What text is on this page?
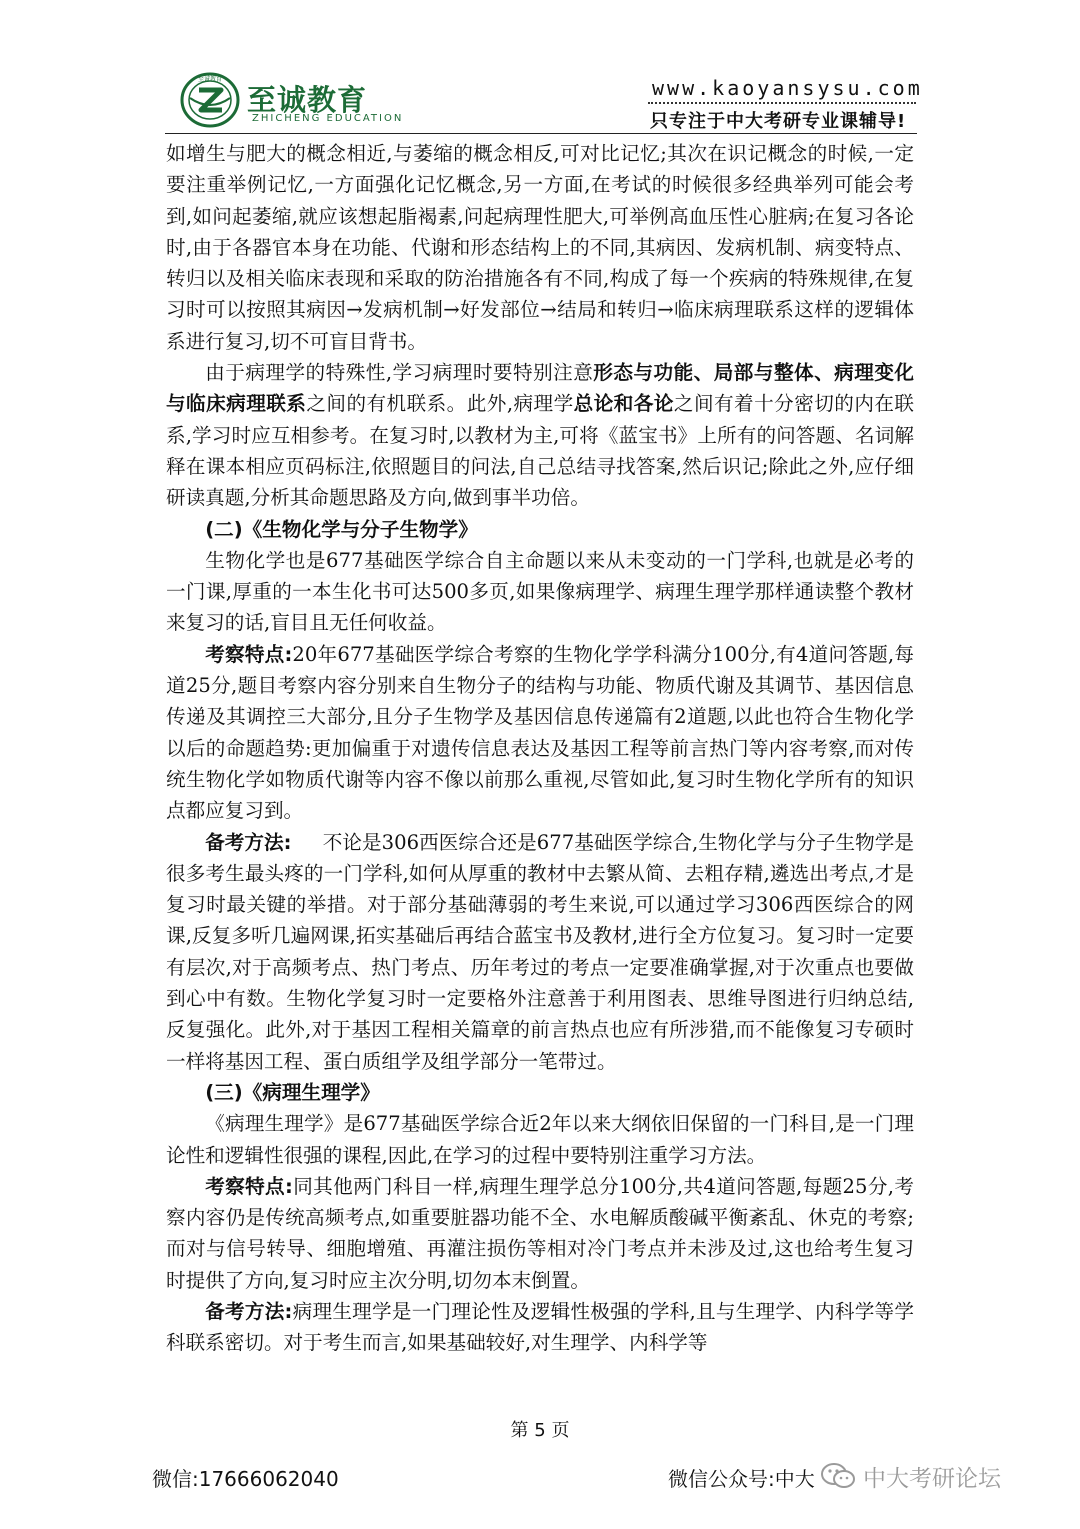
至诚教育
至诚教育
ZHICHENG EDUCATION
www.kaoyansysu.com
只专注于中大考研专业课辅导!

如增生与肥大的概念相近,与萎缩的概念相反,可对比记忆;其次在识记概念的时候,一定要注重举例记忆,一方面强化记忆概念,另一方面,在考试的时候很多经典举列可能会考到,如问起萎缩,就应该想起脂褐素,问起病理性肥大,可举例高血压性心脏病;在复习各论时,由于各器官本身在功能、代谢和形态结构上的不同,其病因、发病机制、病变特点、转归以及相关临床表现和采取的防治措施各有不同,构成了每一个疾病的特殊规律,在复习时可以按照其病因→发病机制→好发部位→结局和转归→临床病理联系这样的逻辑体系进行复习,切不可盲目背书。

由于病理学的特殊性,学习病理时要特别注意形态与功能、局部与整体、病理变化与临床病理联系之间的有机联系。此外,病理学总论和各论之间有着十分密切的内在联系,学习时应互相参考。在复习时,以教材为主,可将《蓝宝书》上所有的问答题、名词解释在课本相应页码标注,依照题目的问法,自己总结寻找答案,然后识记;除此之外,应仔细研读真题,分析其命题思路及方向,做到事半功倍。

(二)《生物化学与分子生物学》

生物化学也是677基础医学综合自主命题以来从未变动的一门学科,也就是必考的一门课,厚重的一本生化书可达500多页,如果像病理学、病理生理学那样通读整个教材来复习的话,盲目且无任何收益。

考察特点:20年677基础医学综合考察的生物化学学科满分100分,有4道问答题,每道25分,题目考察内容分别来自生物分子的结构与功能、物质代谢及其调节、基因信息传递及其调控三大部分,且分子生物学及基因信息传递篇有2道题,以此也符合生物化学以后的命题趋势:更加偏重于对遗传信息表达及基因工程等前言热门等内容考察,而对传统生物化学如物质代谢等内容不像以前那么重视,尽管如此,复习时生物化学所有的知识点都应复习到。

备考方法: 不论是306西医综合还是677基础医学综合,生物化学与分子生物学是很多考生最头疼的一门学科,如何从厚重的教材中去繁从简、去粗存精,遴选出考点,才是复习时最关键的举措。对于部分基础薄弱的考生来说,可以通过学习306西医综合的网课,反复多听几遍网课,拓实基础后再结合蓝宝书及教材,进行全方位复习。复习时一定要有层次,对于高频考点、热门考点、历年考过的考点一定要准确掌握,对于次重点也要做到心中有数。生物化学复习时一定要格外注意善于利用图表、思维导图进行归纳总结,反复强化。此外,对于基因工程相关篇章的前言热点也应有所涉猎,而不能像复习专硕时一样将基因工程、蛋白质组学及组学部分一笔带过。

(三)《病理生理学》

《病理生理学》是677基础医学综合近2年以来大纲依旧保留的一门科目,是一门理论性和逻辑性很强的课程,因此,在学习的过程中要特别注重学习方法。

考察特点:同其他两门科目一样,病理生理学总分100分,共4道问答题,每题25分,考察内容仍是传统高频考点,如重要脏器功能不全、水电解质酸碱平衡紊乱、休克的考察;而对与信号转导、细胞增殖、再灌注损伤等相对冷门考点并未涉及过,这也给考生复习时提供了方向,复习时应主次分明,切勿本末倒置。

备考方法:病理生理学是一门理论性及逻辑性极强的学科,且与生理学、内科学等学科联系密切。对于考生而言,如果基础较好,对生理学、内科学等

第 5 页
微信:17666062040	微信公众号:中大 中大考研论坛
